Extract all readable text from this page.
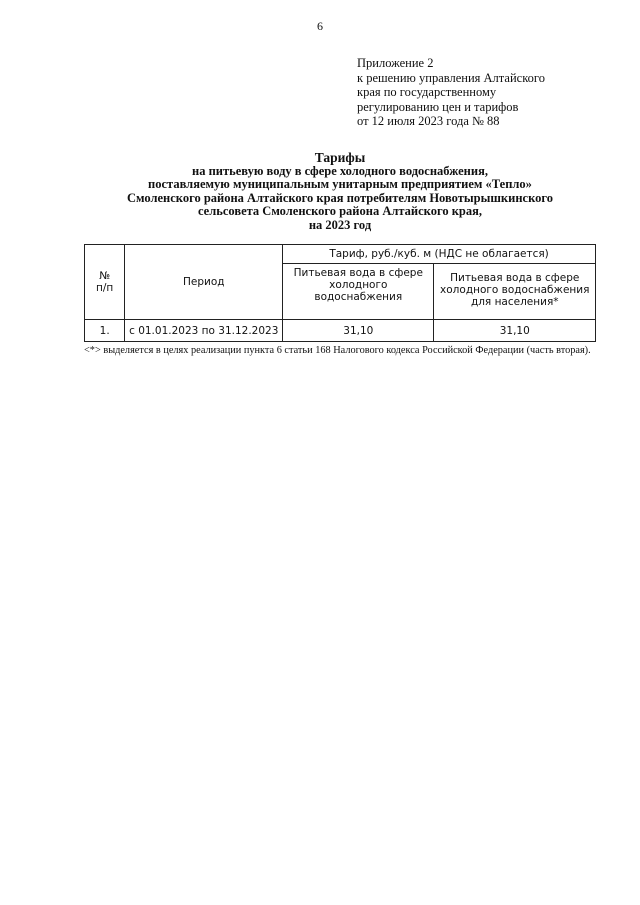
6
Приложение 2
к решению управления Алтайского
края по государственному
регулированию цен и тарифов
от 12 июля 2023 года № 88
Тарифы
на питьевую воду в сфере холодного водоснабжения,
поставляемую муниципальным унитарным предприятием «Тепло»
Смоленского района Алтайского края потребителям Новотырышкинского
сельсовета Смоленского района Алтайского края,
на 2023 год
№
п/п	Период	Тариф, руб./куб. м (НДС не облагается)	
		Питьевая вода в сфере холодного водоснабжения	Питьевая вода в сфере холодного водоснабжения для населения*
1.	с 01.01.2023 по 31.12.2023	31,10	31,10
<*> выделяется в целях реализации пункта 6 статьи 168 Налогового кодекса Российской Федерации (часть вторая).
